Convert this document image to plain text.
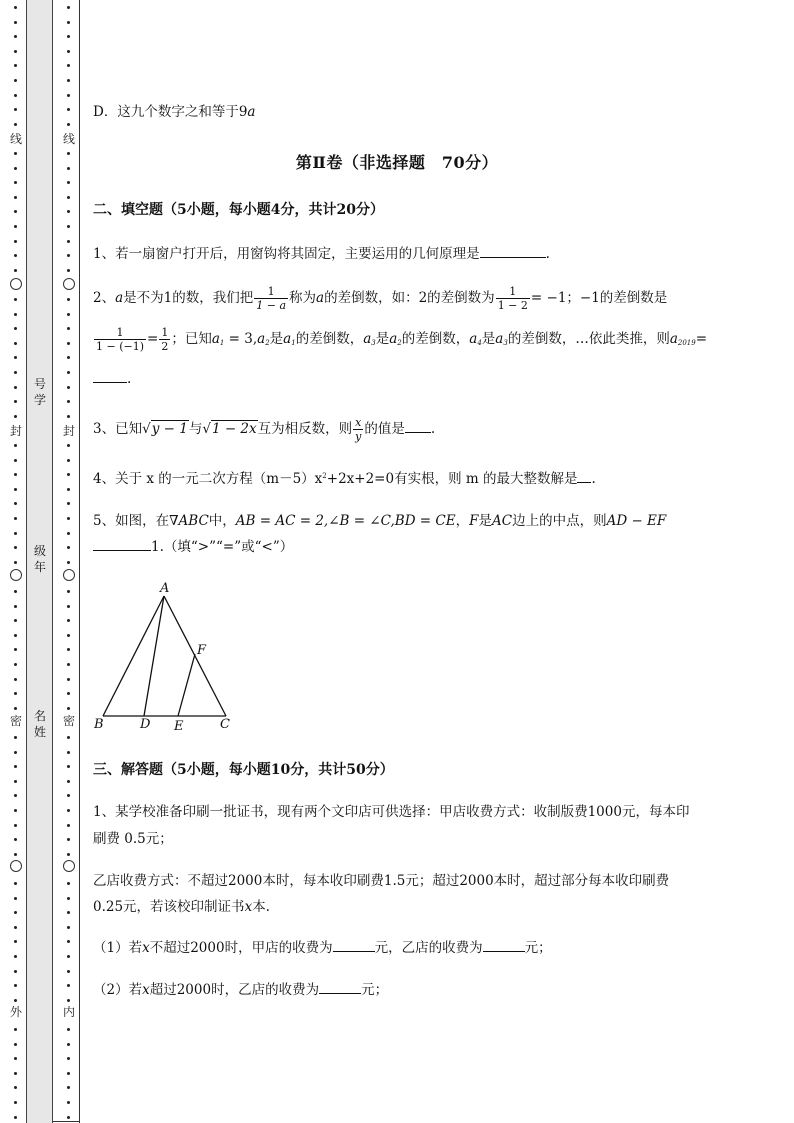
线
封
密
外
线
封
密
内
号学
级年
名姓
D．这九个数字之和等于9a
第Ⅱ卷（非选择题　70分）
二、填空题（5小题，每小题4分，共计20分）
1、若一扇窗户打开后，用窗钩将其固定，主要运用的几何原理是	.
2、a是不为1的数，我们把 $\frac{1}{1 - a}$ 称为a的差倒数，如：2的差倒数为 $\frac{1}{1 - 2} = -1$；−1的差倒数是
$\frac{1}{1 - (-1)} = \frac{1}{2}$ ；已知$a_1 = 3,a_2$是$a_1$的差倒数，$a_3$是$a_2$的差倒数，$a_4$是$a_3$的差倒数，…依此类推，则$a_{2019}=$
.
3、已知√y − 1与√1 − 2x互为相反数，则 $\frac{x}{y}$ 的值是 .
4、关于 x 的一元二次方程$(m-5)x^2+2x+2=0$有实根，则 m 的最大整数解是 .
5、如图，在∇ABC中，AB = AC = 2,∠B = ∠C,BD = CE，F是AC边上的中点，则AD − EF
1.（填“>”“=”或“<”）
A
B	C
D E
F
三、解答题（5小题，每小题10分，共计50分）
1、某学校准备印刷一批证书，现有两个文印店可供选择：甲店收费方式：收制版费1000元，每本印
刷费 0.5元；
乙店收费方式：不超过2000本时，每本收印刷费1.5元；超过2000本时，超过部分每本收印刷费
0.25元，若该校印制证书x本.
（1）若x不超过2000时，甲店的收费为	元，乙店的收费为	元；
（2）若x超过2000时，乙店的收费为	元；
